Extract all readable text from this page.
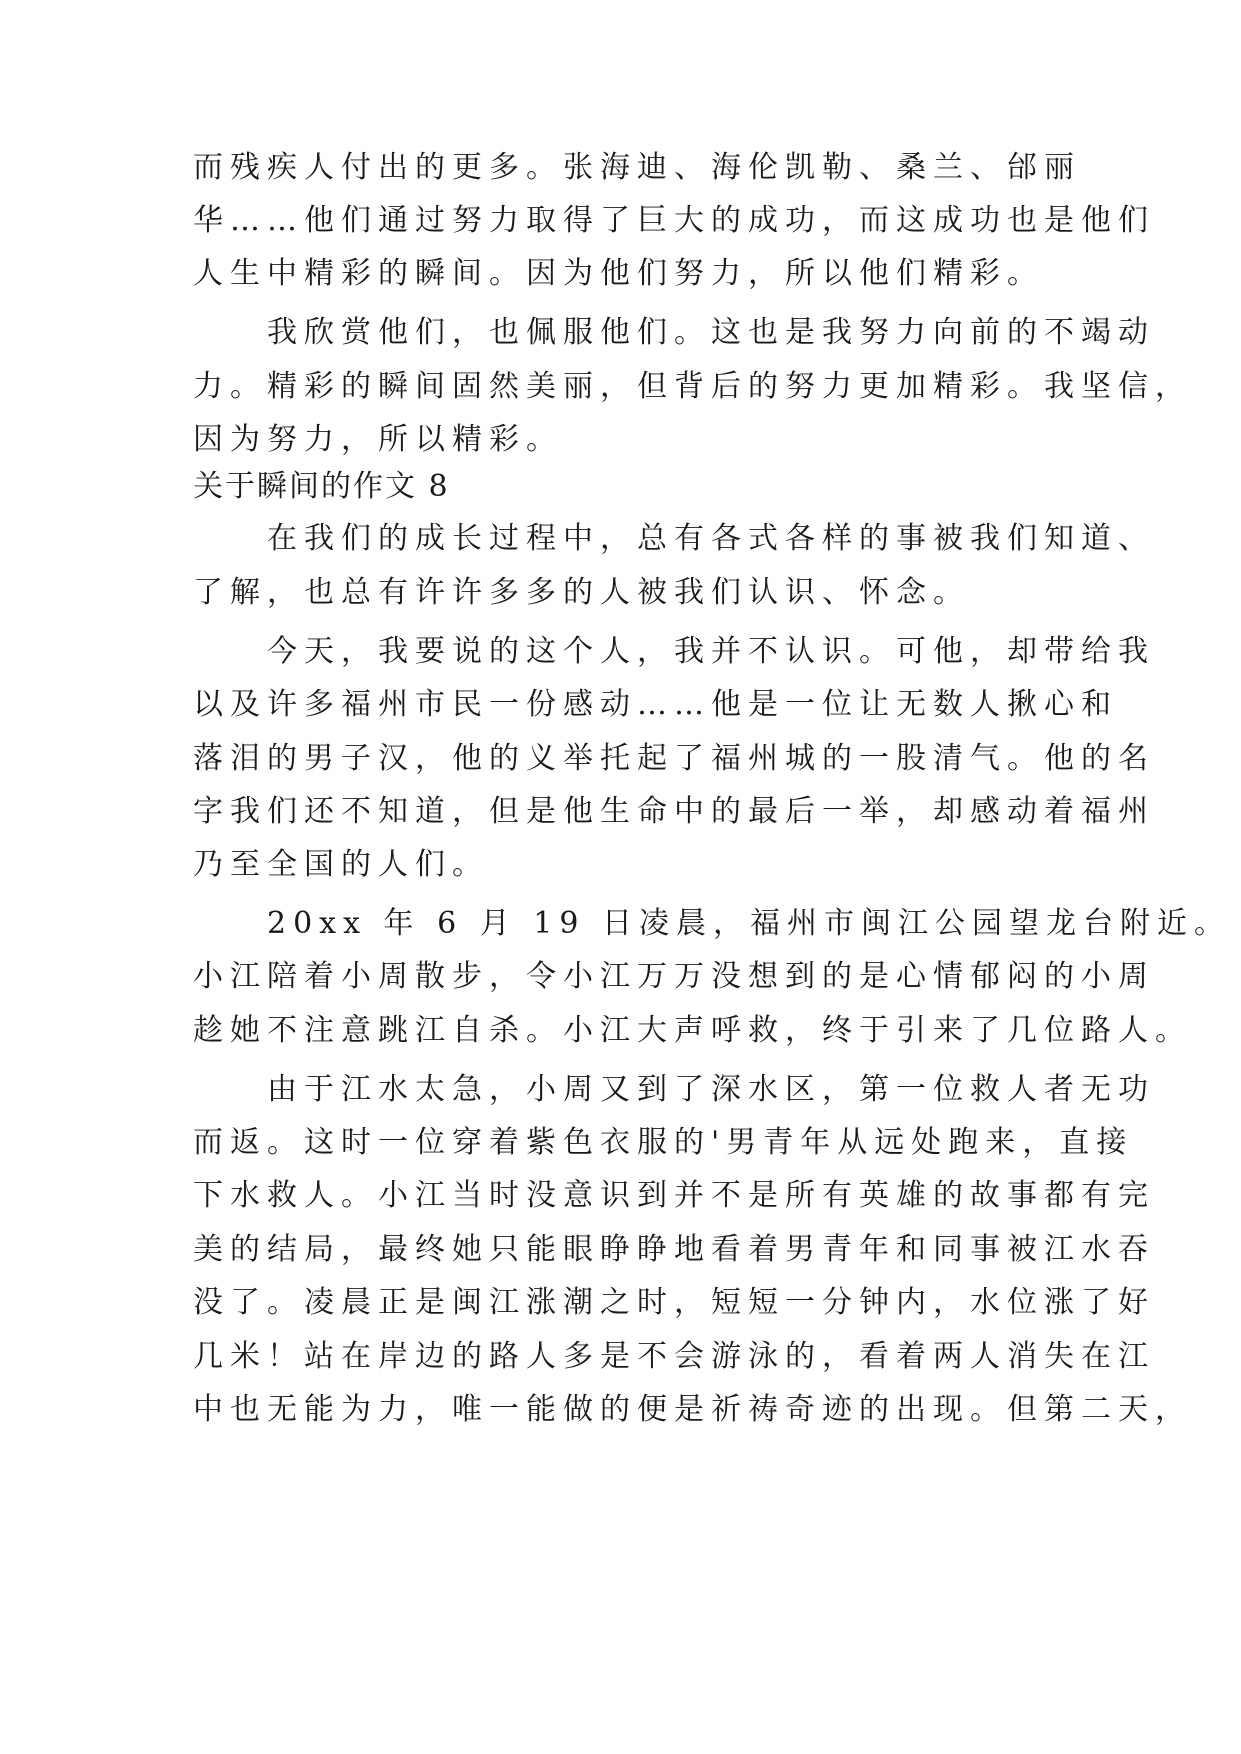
而残疾人付出的更多。张海迪、海伦凯勒、桑兰、邰丽
华……他们通过努力取得了巨大的成功，而这成功也是他们
人生中精彩的瞬间。因为他们努力，所以他们精彩。
　　我欣赏他们，也佩服他们。这也是我努力向前的不竭动
力。精彩的瞬间固然美丽，但背后的努力更加精彩。我坚信，
因为努力，所以精彩。
关于瞬间的作文 8
　　在我们的成长过程中，总有各式各样的事被我们知道、
了解，也总有许许多多的人被我们认识、怀念。
　　今天，我要说的这个人，我并不认识。可他，却带给我
以及许多福州市民一份感动……他是一位让无数人揪心和
落泪的男子汉，他的义举托起了福州城的一股清气。他的名
字我们还不知道，但是他生命中的最后一举，却感动着福州
乃至全国的人们。
　　20xx 年 6 月 19 日凌晨，福州市闽江公园望龙台附近。
小江陪着小周散步，令小江万万没想到的是心情郁闷的小周
趁她不注意跳江自杀。小江大声呼救，终于引来了几位路人。
　　由于江水太急，小周又到了深水区，第一位救人者无功
而返。这时一位穿着紫色衣服的'男青年从远处跑来，直接
下水救人。小江当时没意识到并不是所有英雄的故事都有完
美的结局，最终她只能眼睁睁地看着男青年和同事被江水吞
没了。凌晨正是闽江涨潮之时，短短一分钟内，水位涨了好
几米！站在岸边的路人多是不会游泳的，看着两人消失在江
中也无能为力，唯一能做的便是祈祷奇迹的出现。但第二天，
